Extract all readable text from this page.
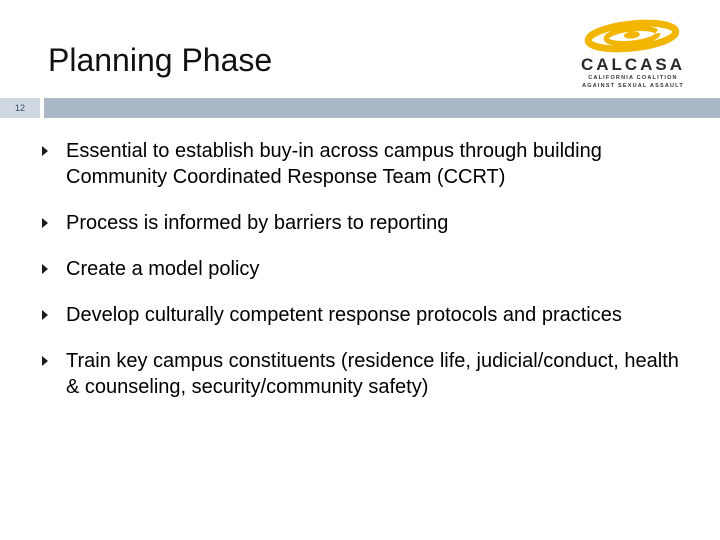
Planning Phase	CALCASA
CALIFORNIA COALITION
AGAINST SEXUAL ASSAULT
12
Essential to establish buy-in across campus through building Community Coordinated Response Team (CCRT)
Process is informed by barriers to reporting
Create a model policy
Develop culturally competent response protocols and practices
Train key campus constituents (residence life, judicial/conduct, health & counseling, security/community safety)
